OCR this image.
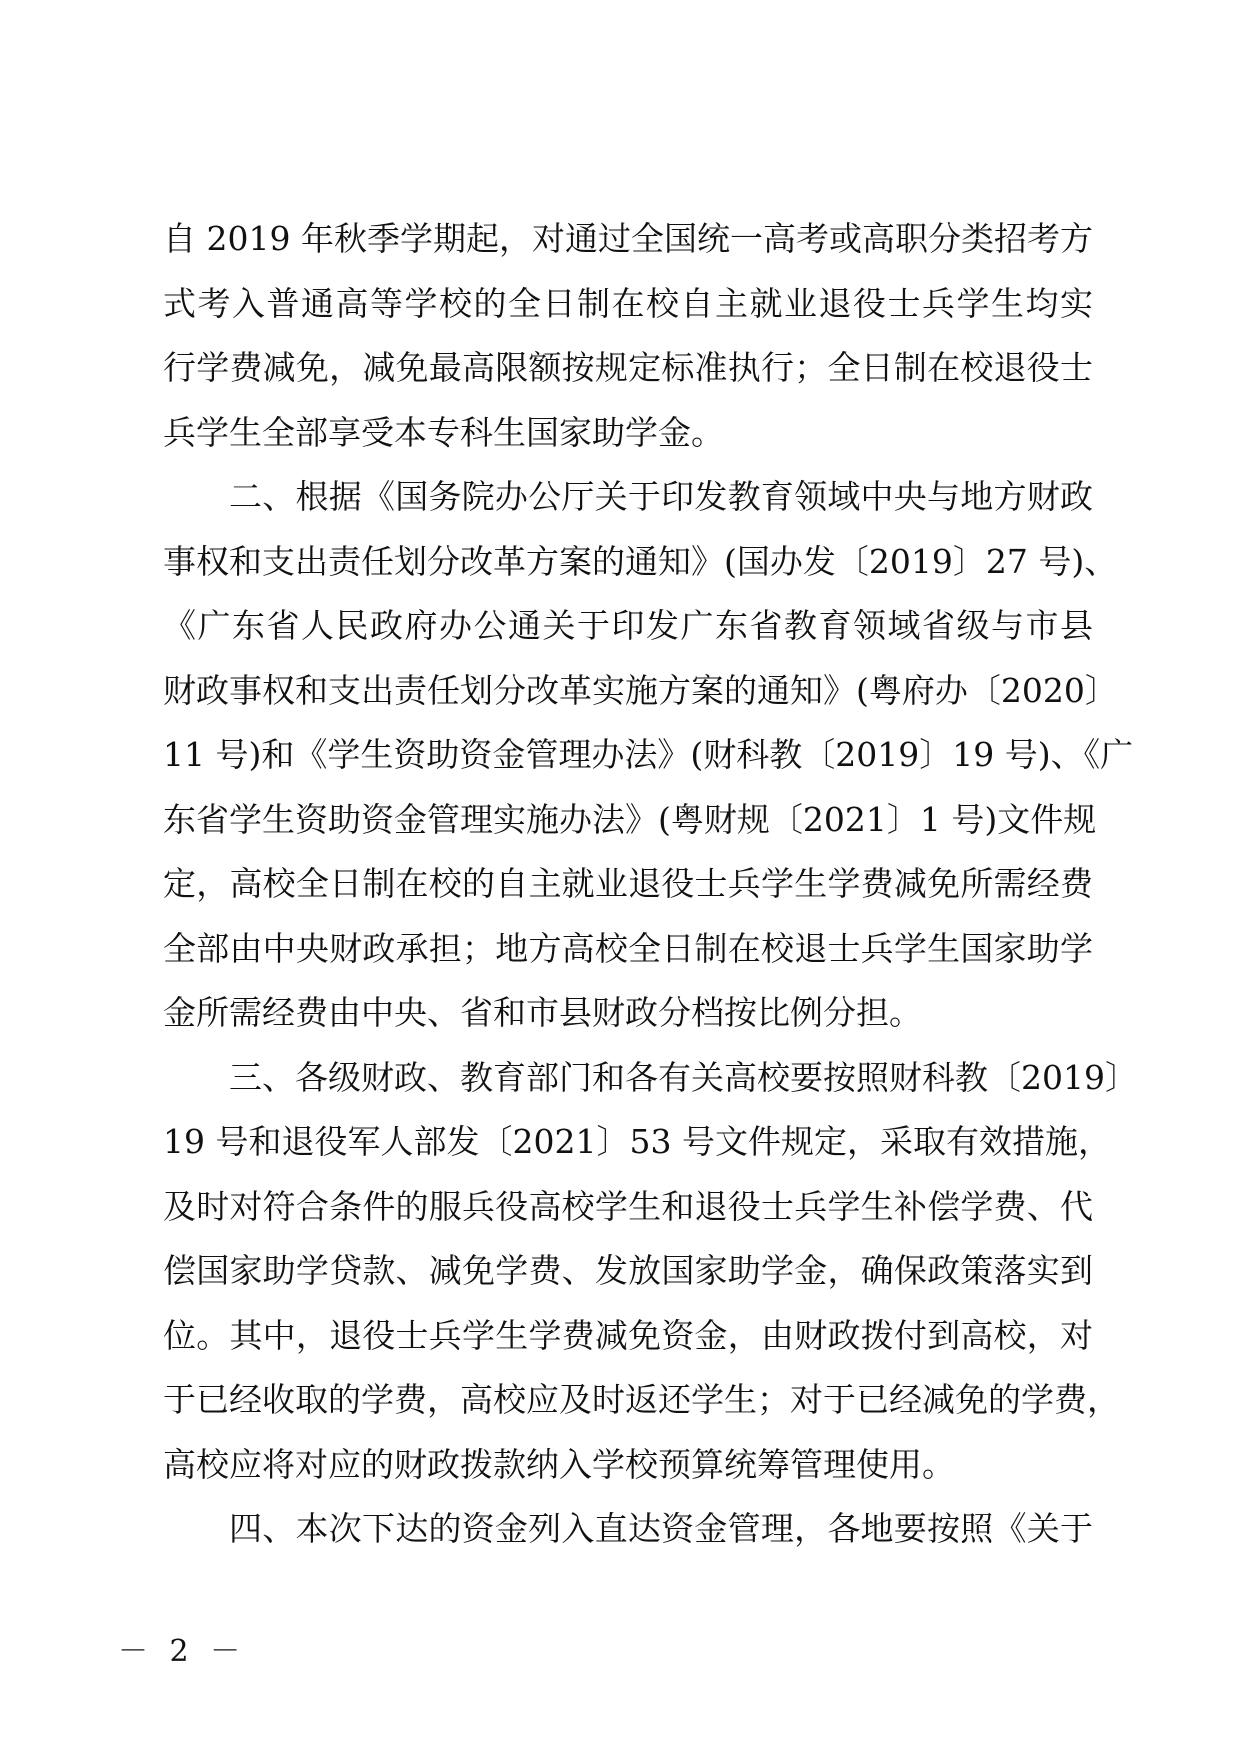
自 2019 年秋季学期起，对通过全国统一高考或高职分类招考方
式考入普通高等学校的全日制在校自主就业退役士兵学生均实
行学费减免，减免最高限额按规定标准执行；全日制在校退役士
兵学生全部享受本专科生国家助学金。
二、根据《国务院办公厅关于印发教育领域中央与地方财政
事权和支出责任划分改革方案的通知》(国办发〔2019〕27 号)、
《广东省人民政府办公通关于印发广东省教育领域省级与市县
财政事权和支出责任划分改革实施方案的通知》(粤府办〔2020〕
11 号)和《学生资助资金管理办法》(财科教〔2019〕19 号)、《广
东省学生资助资金管理实施办法》(粤财规〔2021〕1 号)文件规
定，高校全日制在校的自主就业退役士兵学生学费减免所需经费
全部由中央财政承担；地方高校全日制在校退士兵学生国家助学
金所需经费由中央、省和市县财政分档按比例分担。
三、各级财政、教育部门和各有关高校要按照财科教〔2019〕
19 号和退役军人部发〔2021〕53 号文件规定，采取有效措施，
及时对符合条件的服兵役高校学生和退役士兵学生补偿学费、代
偿国家助学贷款、减免学费、发放国家助学金，确保政策落实到
位。其中，退役士兵学生学费减免资金，由财政拨付到高校，对
于已经收取的学费，高校应及时返还学生；对于已经减免的学费，
高校应将对应的财政拨款纳入学校预算统筹管理使用。
四、本次下达的资金列入直达资金管理，各地要按照《关于
－ 2 －
